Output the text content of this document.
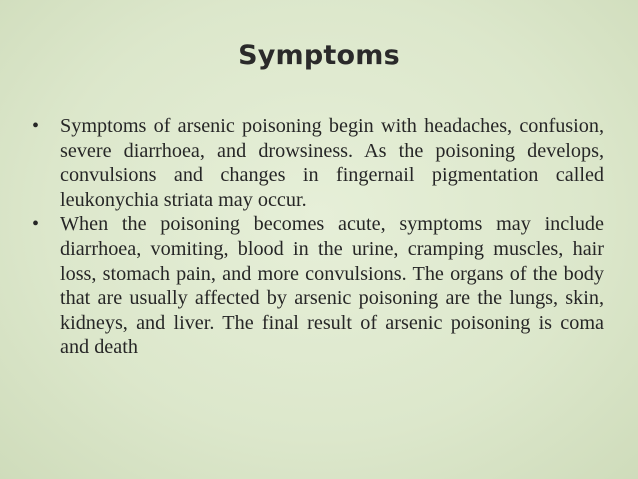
Symptoms
•	Symptoms of arsenic poisoning begin with headaches, confusion, severe diarrhoea, and drowsiness. As the poisoning develops, convulsions and changes in fingernail pigmentation called leukonychia striata may occur.
•	When the poisoning becomes acute, symptoms may include diarrhoea, vomiting, blood in the urine, cramping muscles, hair loss, stomach pain, and more convulsions. The organs of the body that are usually affected by arsenic poisoning are the lungs, skin, kidneys, and liver. The final result of arsenic poisoning is coma and death
